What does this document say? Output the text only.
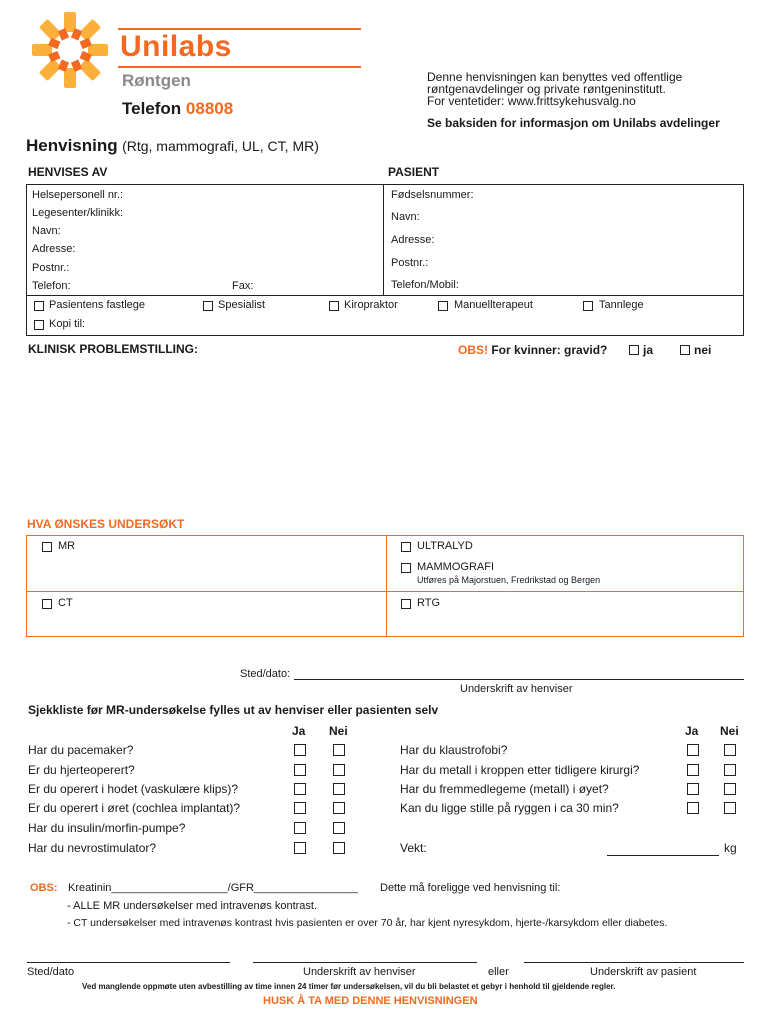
Unilabs
Røntgen
Telefon 08808
Denne henvisningen kan benyttes ved offentlige
røntgenavdelinger og private røntgeninstitutt.
For ventetider: www.frittsykehusvalg.no
Se baksiden for informasjon om Unilabs avdelinger
Henvisning (Rtg, mammografi, UL, CT, MR)
HENVISES AV	PASIENT
Helsepersonell nr.:
Legesenter/klinikk:
Navn:
Adresse:
Postnr.:
Telefon:	Fax:
Fødselsnummer:
Navn:
Adresse:
Postnr.:
Telefon/Mobil:
Pasientens fastlege	Spesialist	Kiropraktor	Manuellterapeut	Tannlege
Kopi til:
KLINISK PROBLEMSTILLING:	OBS! For kvinner: gravid?	ja	nei
HVA ØNSKES UNDERSØKT
MR
CT
ULTRALYD
MAMMOGRAFI
Utføres på Majorstuen, Fredrikstad og Bergen
RTG
Sted/dato:
Underskrift av henviser
Sjekkliste før MR-undersøkelse fylles ut av henviser eller pasienten selv
Ja Nei	Ja Nei
Har du pacemaker?
Er du hjerteoperert?
Er du operert i hodet (vaskulære klips)?
Er du operert i øret (cochlea implantat)?
Har du insulin/morfin-pumpe?
Har du nevrostimulator?
Har du klaustrofobi?
Har du metall i kroppen etter tidligere kirurgi?
Har du fremmedlegeme (metall) i øyet?
Kan du ligge stille på ryggen i ca 30 min?
Vekt:	kg
OBS: Kreatinin___________________/GFR_________________ Dette må foreligge ved henvisning til:
- ALLE MR undersøkelser med intravenøs kontrast.
- CT undersøkelser med intravenøs kontrast hvis pasienten er over 70 år, har kjent nyresykdom, hjerte-/karsykdom eller diabetes.
Sted/dato	Underskrift av henviser	eller	Underskrift av pasient
Ved manglende oppmøte uten avbestilling av time innen 24 timer før undersøkelsen, vil du bli belastet et gebyr i henhold til gjeldende regler.
HUSK Å TA MED DENNE HENVISNINGEN
